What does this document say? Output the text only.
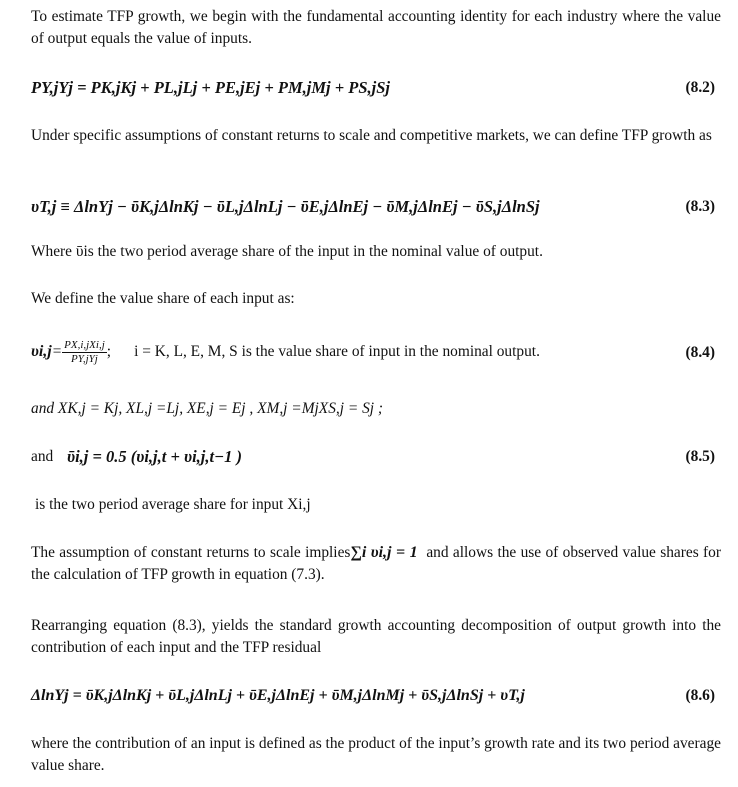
To estimate TFP growth, we begin with the fundamental accounting identity for each industry where the value of output equals the value of inputs.
PY,jYj = PK,jKj + PL,jLj + PE,jEj + PM,jMj + PS,jSj	(8.2)
Under specific assumptions of constant returns to scale and competitive markets, we can define TFP growth as
υT,j ≡ ΔlnYj − ῡK,jΔlnKj − ῡL,jΔlnLj − ῡE,jΔlnEj − ῡM,jΔlnEj − ῡS,jΔlnSj	(8.3)
Where ῡis the two period average share of the input in the nominal value of output.
We define the value share of each input as:
$\upsilon i,j= \frac{\text{PX,i,jXi,j}}{\text{PY,jYj}}$ ;      i = K, L, E, M, S is the value share of input in the nominal output.	(8.4)
and XK,j = Kj, XL,j =Lj, XE,j = Ej , XM,j =MjXS,j = Sj ;
and ῡi,j = 0.5 (υi,j,t + υi,j,t−1 )	(8.5)
is the two period average share for input Xi,j
The assumption of constant returns to scale implies∑i υi,j = 1 and allows the use of observed value shares for the calculation of TFP growth in equation (7.3).
Rearranging equation (8.3), yields the standard growth accounting decomposition of output growth into the contribution of each input and the TFP residual
ΔlnYj = ῡK,jΔlnKj + ῡL,jΔlnLj + ῡE,jΔlnEj + ῡM,jΔlnMj + ῡS,jΔlnSj + υT,j	(8.6)
where the contribution of an input is defined as the product of the input’s growth rate and its two period average value share.
